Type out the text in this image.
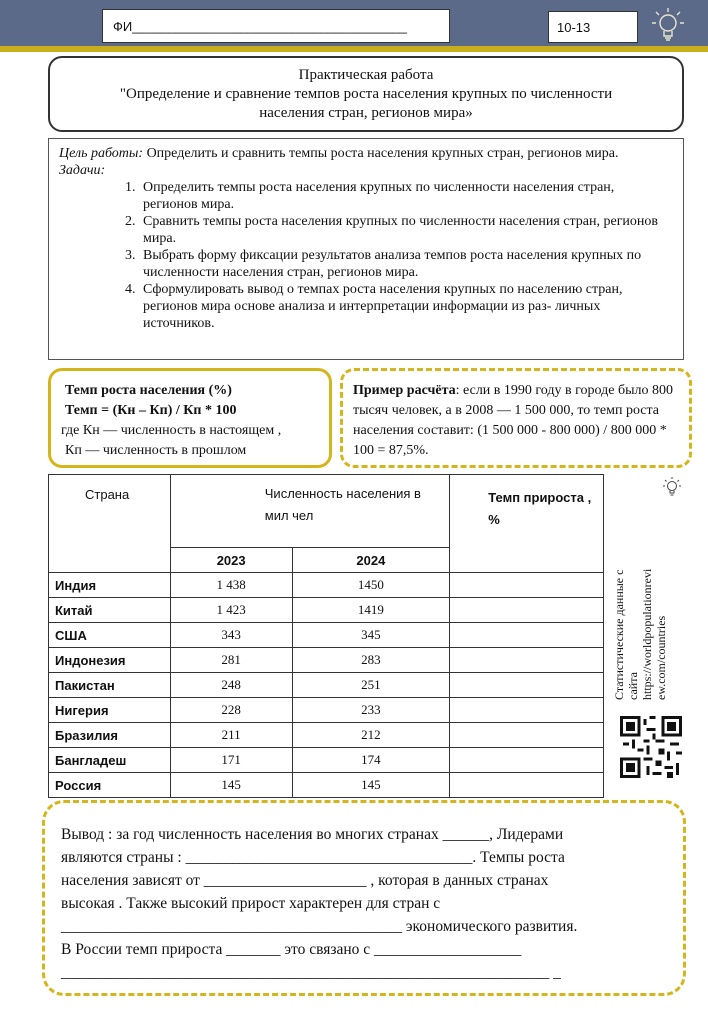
ФИ______________________________________	10-13
Практическая работа
"Определение и сравнение темпов роста населения крупных по численности
населения стран, регионов мира»
Цель работы: Определить и сравнить темпы роста населения крупных стран, регионов мира.
Задачи:
1. Определить темпы роста населения крупных по численности населения стран, регионов мира.
2. Сравнить темпы роста населения крупных по численности населения стран, регионов мира.
3. Выбрать форму фиксации результатов анализа темпов роста населения крупных по численности населения стран, регионов мира.
4. Сформулировать вывод о темпах роста населения крупных по населению стран, регионов мира основе анализа и интерпретации информации из раз- личных источников.
Темп роста населения (%)
Темп = (Кн – Кп) / Кп * 100
где Кн — численность в настоящем ,
Кп — численность в прошлом
Пример расчёта: если в 1990 году в городе было 800 тысяч человек, а в 2008 — 1 500 000, то темп роста населения составит: (1 500 000 - 800 000) / 800 000 * 100 = 87,5%.
Страна	Численность населения в мил чел		Темп прироста , %
	2023	2024	
Индия	1 438	1450	
Китай	1 423	1419	
США	343	345	
Индонезия	281	283	
Пакистан	248	251	
Нигерия	228	233	
Бразилия	211	212	
Бангладеш	171	174	
Россия	145	145	
Статистические данные с сайта https://worldpopulationrevi ew.com/countries
Вывод : за год численность населения во многих странах ______, Лидерами
являются страны : _____________________________________. Темпы роста
населения зависят от _____________________ , которая в данных странах
высокая . Также высокий прирост характерен для стран с
____________________________________________ экономического развития.
В России темп прироста _______ это связано с ___________________
_______________________________________________________________ _
